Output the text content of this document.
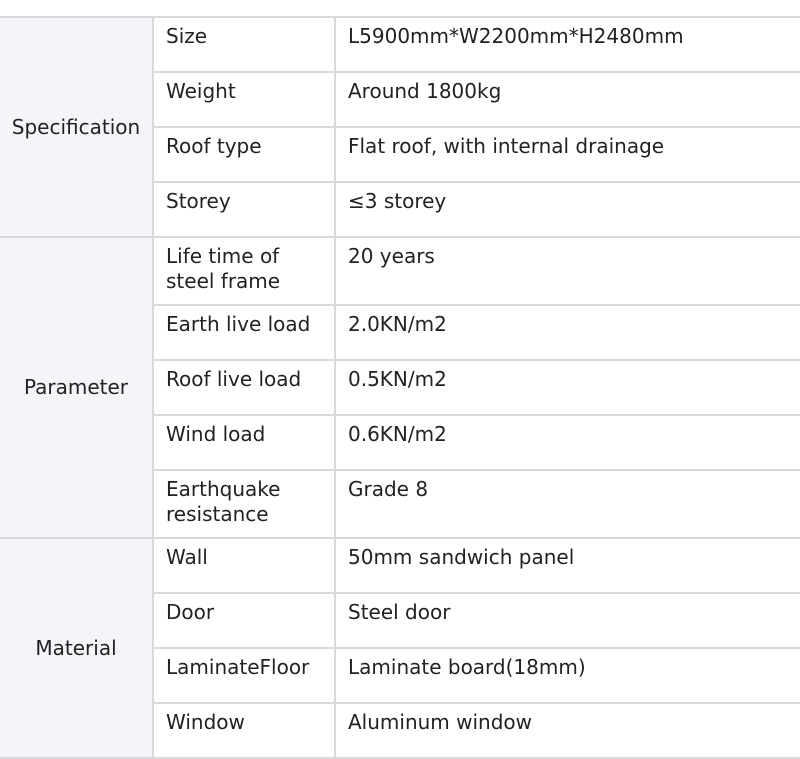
Specification	Size	L5900mm*W2200mm*H2480mm
	Weight	Around 1800kg
	Roof type	Flat roof, with internal drainage
	Storey	≤3 storey
Parameter	Life time of steel frame	20 years
	Earth live load	2.0KN/m2
	Roof live load	0.5KN/m2
	Wind load	0.6KN/m2
	Earthquake resistance	Grade 8
Material	Wall	50mm sandwich panel
	Door	Steel door
	LaminateFloor	Laminate board(18mm)
	Window	Aluminum window
